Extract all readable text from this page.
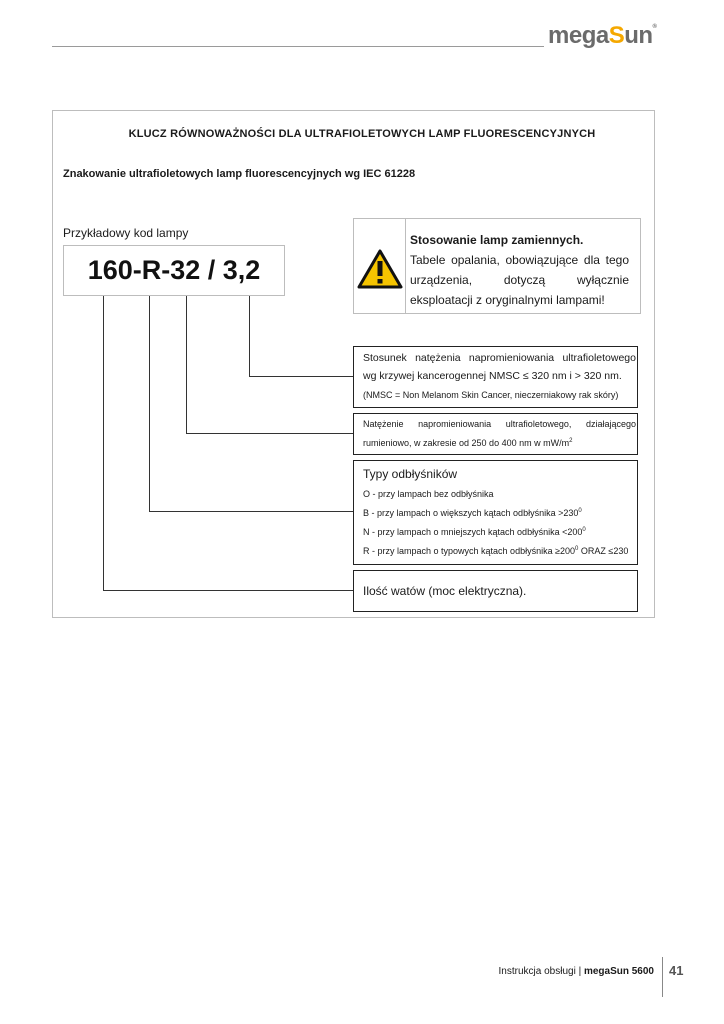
megaSun®
KLUCZ RÓWNOWAŻNOŚCI DLA ULTRAFIOLETOWYCH LAMP FLUORESCENCYJNYCH
Znakowanie ultrafioletowych lamp fluorescencyjnych wg IEC 61228
Przykładowy kod lampy
160-R-32 / 3,2
Stosowanie lamp zamiennych.
Tabele opalania, obowiązujące dla tego urządzenia, dotyczą wyłącznie eksploatacji z oryginalnymi lampami!
Stosunek natężenia napromieniowania ultrafioletowego
wg krzywej kancerogennej NMSC ≤ 320 nm i > 320 nm.
(NMSC = Non Melanom Skin Cancer, nieczerniakowy rak skóry)
Natężenie napromieniowania ultrafioletowego, działającego
rumieniowo, w zakresie od 250 do 400 nm w $mW/m^2$
Typy odbłyśników
O - przy lampach bez odbłyśnika
B - przy lampach o większych kątach odbłyśnika $>230^0$
N - przy lampach o mniejszych kątach odbłyśnika $<200^0$
R - przy lampach o typowych kątach odbłyśnika $\ge 200^0$ ORAZ ≤230
Ilość watów (moc elektryczna).
Instrukcja obsługi | megaSun 5600 41
